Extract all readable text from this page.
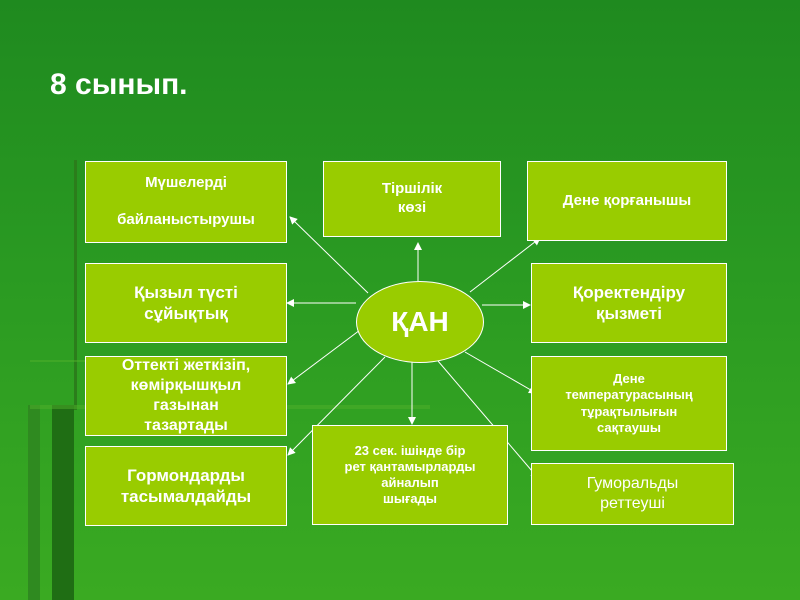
8 сынып.
Мүшелерді

байланыстырушы
Тіршілік
көзі	Дене қорғанышы
Қызыл түсті
сұйықтық
Қоректендіру
қызметі
Оттекті жеткізіп,
көмірқышқыл
газынан
тазартады
Дене
температурасының
тұрақтылығын
сақтаушы
Гормондарды
тасымалдайды
23 сек. ішінде бір
рет қантамырларды
айналып
шығады
Гуморальды
реттеуші
ҚАН
